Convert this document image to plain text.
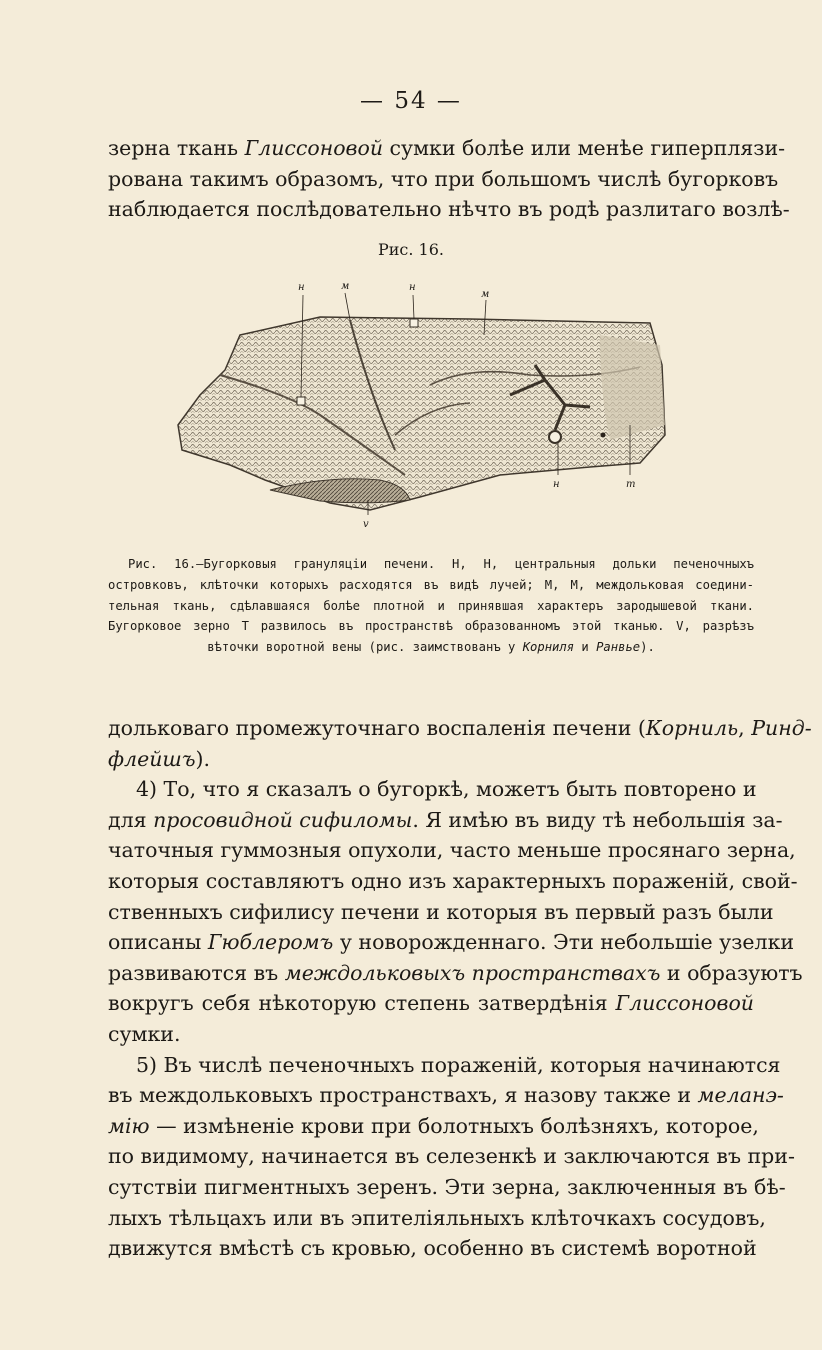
— 54 —
зерна ткань Глиссоновой сумки болѣе или менѣе гиперплязи-
рована такимъ образомъ, что при большомъ числѣ бугорковъ
наблюдается послѣдовательно нѣчто въ родѣ разлитаго возлѣ-
Рис. 16.
н	м	н
м
н	т
v
Рис. 16.—Бугорковыя грануляціи печени. Н, Н, центральныя дольки печеночныхъ
островковъ, клѣточки которыхъ расходятся въ видѣ лучей; М, М, междольковая соедини-
тельная ткань, сдѣлавшаяся болѣе плотной и принявшая характеръ зародышевой ткани.
Бугорковое зерно Т развилось въ пространствѣ образованномъ этой тканью. V, разрѣзъ
вѣточки воротной вены (рис. заимствованъ у Корниля и Ранвье).
дольковаго промежуточнаго воспаленія печени (Корниль, Ринд-
флейшъ).
4) То, что я сказалъ о бугоркѣ, можетъ быть повторено и
для просовидной сифиломы. Я имѣю въ виду тѣ небольшія за-
чаточныя гуммозныя опухоли, часто меньше просянаго зерна,
которыя составляютъ одно изъ характерныхъ пораженій, свой-
ственныхъ сифилису печени и которыя въ первый разъ были
описаны Гюблеромъ у новорожденнаго. Эти небольшіе узелки
развиваются въ междольковыхъ пространствахъ и образуютъ
вокругъ себя нѣкоторую степень затвердѣнія Глиссоновой
сумки.
5) Въ числѣ печеночныхъ пораженій, которыя начинаются
въ междольковыхъ пространствахъ, я назову также и меланэ-
мію — измѣненіе крови при болотныхъ болѣзняхъ, которое,
по видимому, начинается въ селезенкѣ и заключаются въ при-
сутствіи пигментныхъ зеренъ. Эти зерна, заключенныя въ бѣ-
лыхъ тѣльцахъ или въ эпителіяльныхъ клѣточкахъ сосудовъ,
движутся вмѣстѣ съ кровью, особенно въ системѣ воротной
